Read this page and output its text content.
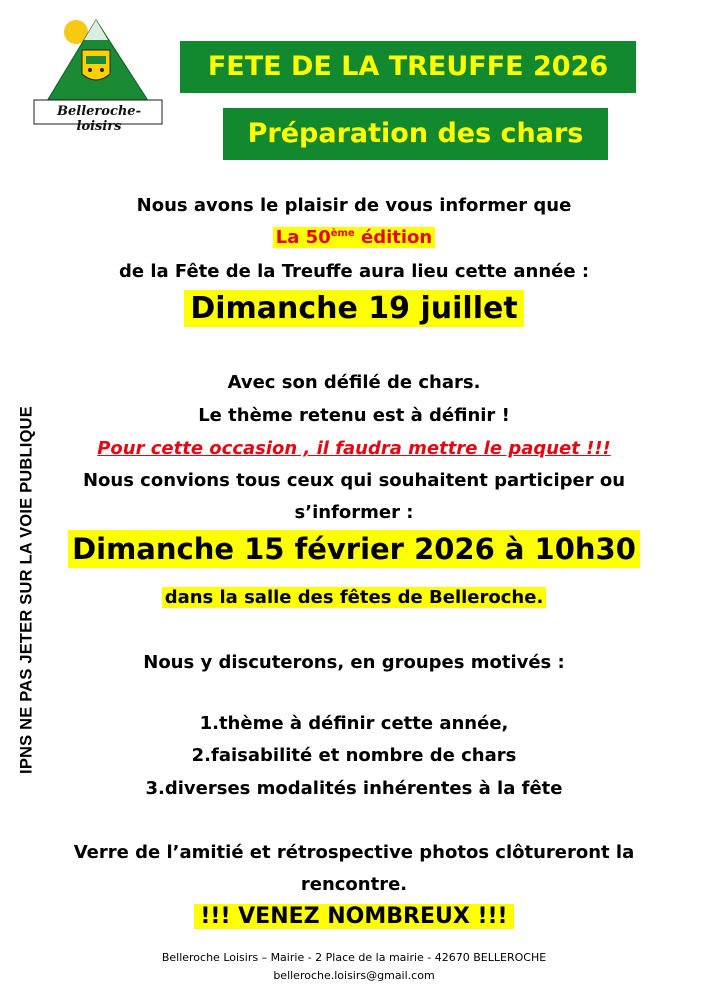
Belleroche-loisirs
FETE DE LA TREUFFE 2026
Préparation des chars
IPNS NE PAS JETER SUR LA VOIE PUBLIQUE
Nous avons le plaisir de vous informer que
La 50ème édition
de la Fête de la Treuffe aura lieu cette année :
Dimanche 19 juillet
Avec son défilé de chars.
Le thème retenu est à définir !
Pour cette occasion , il faudra mettre le paquet !!!
Nous convions tous ceux qui souhaitent participer ou
s’informer :
Dimanche 15 février 2026 à 10h30
dans la salle des fêtes de Belleroche.
Nous y discuterons, en groupes motivés :
1.thème à définir cette année,
2.faisabilité et nombre de chars
3.diverses modalités inhérentes à la fête
Verre de l’amitié et rétrospective photos clôtureront la
rencontre.
!!! VENEZ NOMBREUX !!!
Belleroche Loisirs – Mairie - 2 Place de la mairie - 42670 BELLEROCHE
belleroche.loisirs@gmail.com
